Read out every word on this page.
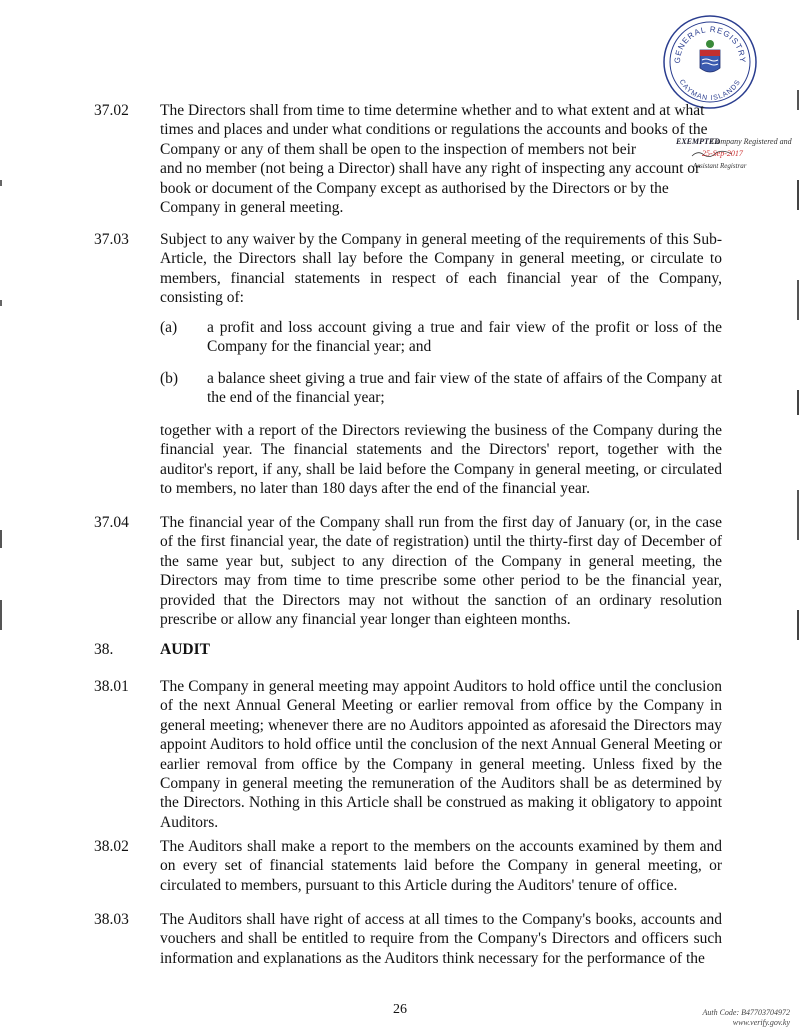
GENERAL REGISTRY
CAYMAN ISLANDS
EXEMPTED
Company Registered and
25-Sep-2017
Assistant Registrar
37.02 The Directors shall from time to time determine whether and to what extent and at what
times and places and under what conditions or regulations the accounts and books of the
Company or any of them shall be open to the inspection of members not beir
and no member (not being a Director) shall have any right of inspecting any account or
book or document of the Company except as authorised by the Directors or by the
Company in general meeting.
37.03 Subject to any waiver by the Company in general meeting of the requirements of this Sub-Article, the Directors shall lay before the Company in general meeting, or circulate to members, financial statements in respect of each financial year of the Company, consisting of:
(a) a profit and loss account giving a true and fair view of the profit or loss of the Company for the financial year; and
(b) a balance sheet giving a true and fair view of the state of affairs of the Company at the end of the financial year;
together with a report of the Directors reviewing the business of the Company during the financial year. The financial statements and the Directors' report, together with the auditor's report, if any, shall be laid before the Company in general meeting, or circulated to members, no later than 180 days after the end of the financial year.
37.04 The financial year of the Company shall run from the first day of January (or, in the case of the first financial year, the date of registration) until the thirty-first day of December of the same year but, subject to any direction of the Company in general meeting, the Directors may from time to time prescribe some other period to be the financial year, provided that the Directors may not without the sanction of an ordinary resolution prescribe or allow any financial year longer than eighteen months.
38.	AUDIT
38.01 The Company in general meeting may appoint Auditors to hold office until the conclusion of the next Annual General Meeting or earlier removal from office by the Company in general meeting; whenever there are no Auditors appointed as aforesaid the Directors may appoint Auditors to hold office until the conclusion of the next Annual General Meeting or earlier removal from office by the Company in general meeting. Unless fixed by the Company in general meeting the remuneration of the Auditors shall be as determined by the Directors. Nothing in this Article shall be construed as making it obligatory to appoint Auditors.
38.02 The Auditors shall make a report to the members on the accounts examined by them and on every set of financial statements laid before the Company in general meeting, or circulated to members, pursuant to this Article during the Auditors' tenure of office.
38.03 The Auditors shall have right of access at all times to the Company's books, accounts and vouchers and shall be entitled to require from the Company's Directors and officers such information and explanations as the Auditors think necessary for the performance of the
26	Auth Code: B47703704972
www.verify.gov.ky
